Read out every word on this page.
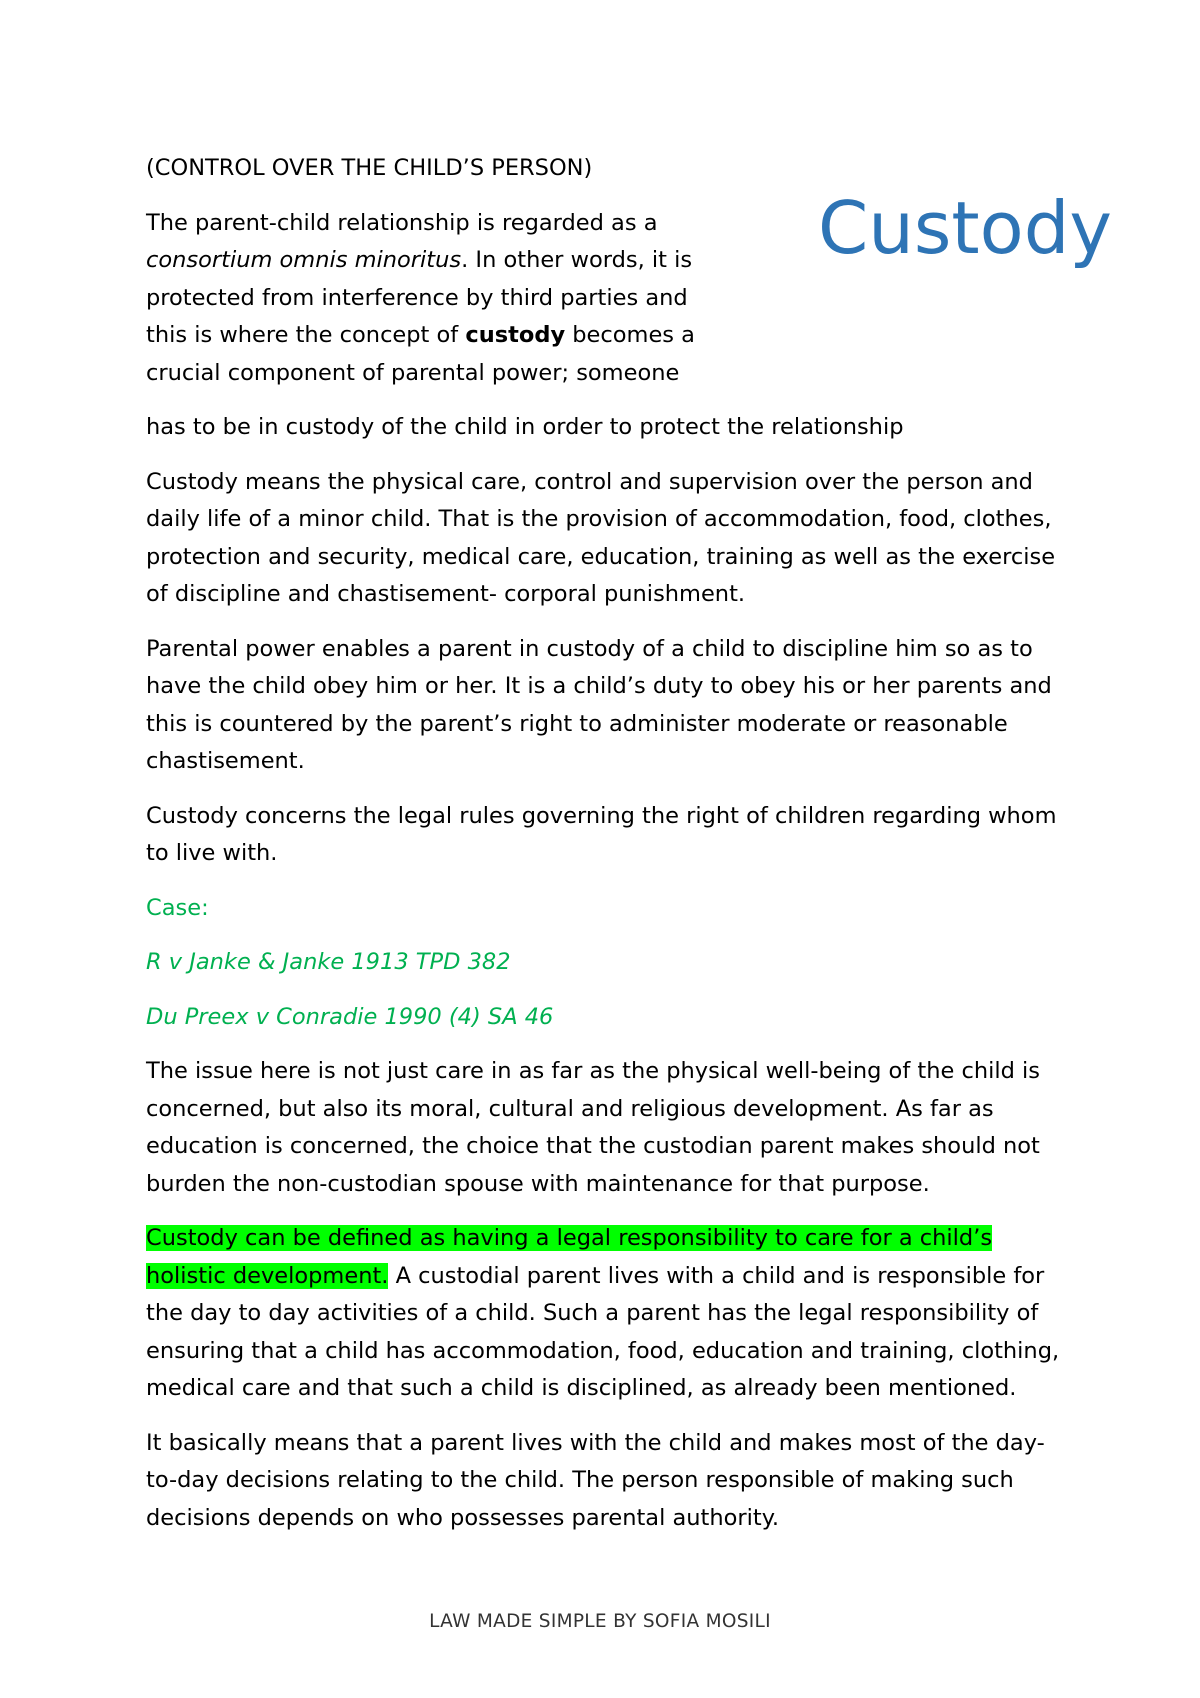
Custody

(CONTROL OVER THE CHILD’S PERSON)

The parent-child relationship is regarded as a consortium omnis minoritus. In other words, it is protected from interference by third parties and this is where the concept of custody becomes a crucial component of parental power; someone

has to be in custody of the child in order to protect the relationship

Custody means the physical care, control and supervision over the person and daily life of a minor child. That is the provision of accommodation, food, clothes, protection and security, medical care, education, training as well as the exercise of discipline and chastisement- corporal punishment.

Parental power enables a parent in custody of a child to discipline him so as to have the child obey him or her. It is a child’s duty to obey his or her parents and this is countered by the parent’s right to administer moderate or reasonable chastisement.

Custody concerns the legal rules governing the right of children regarding whom to live with.

Case:

R v Janke & Janke 1913 TPD 382

Du Preex v Conradie 1990 (4) SA 46

The issue here is not just care in as far as the physical well-being of the child is concerned, but also its moral, cultural and religious development. As far as education is concerned, the choice that the custodian parent makes should not burden the non-custodian spouse with maintenance for that purpose.

Custody can be defined as having a legal responsibility to care for a child’s holistic development. A custodial parent lives with a child and is responsible for the day to day activities of a child. Such a parent has the legal responsibility of ensuring that a child has accommodation, food, education and training, clothing, medical care and that such a child is disciplined, as already been mentioned.

It basically means that a parent lives with the child and makes most of the day-to-day decisions relating to the child. The person responsible of making such decisions depends on who possesses parental authority.

LAW MADE SIMPLE BY SOFIA MOSILI
